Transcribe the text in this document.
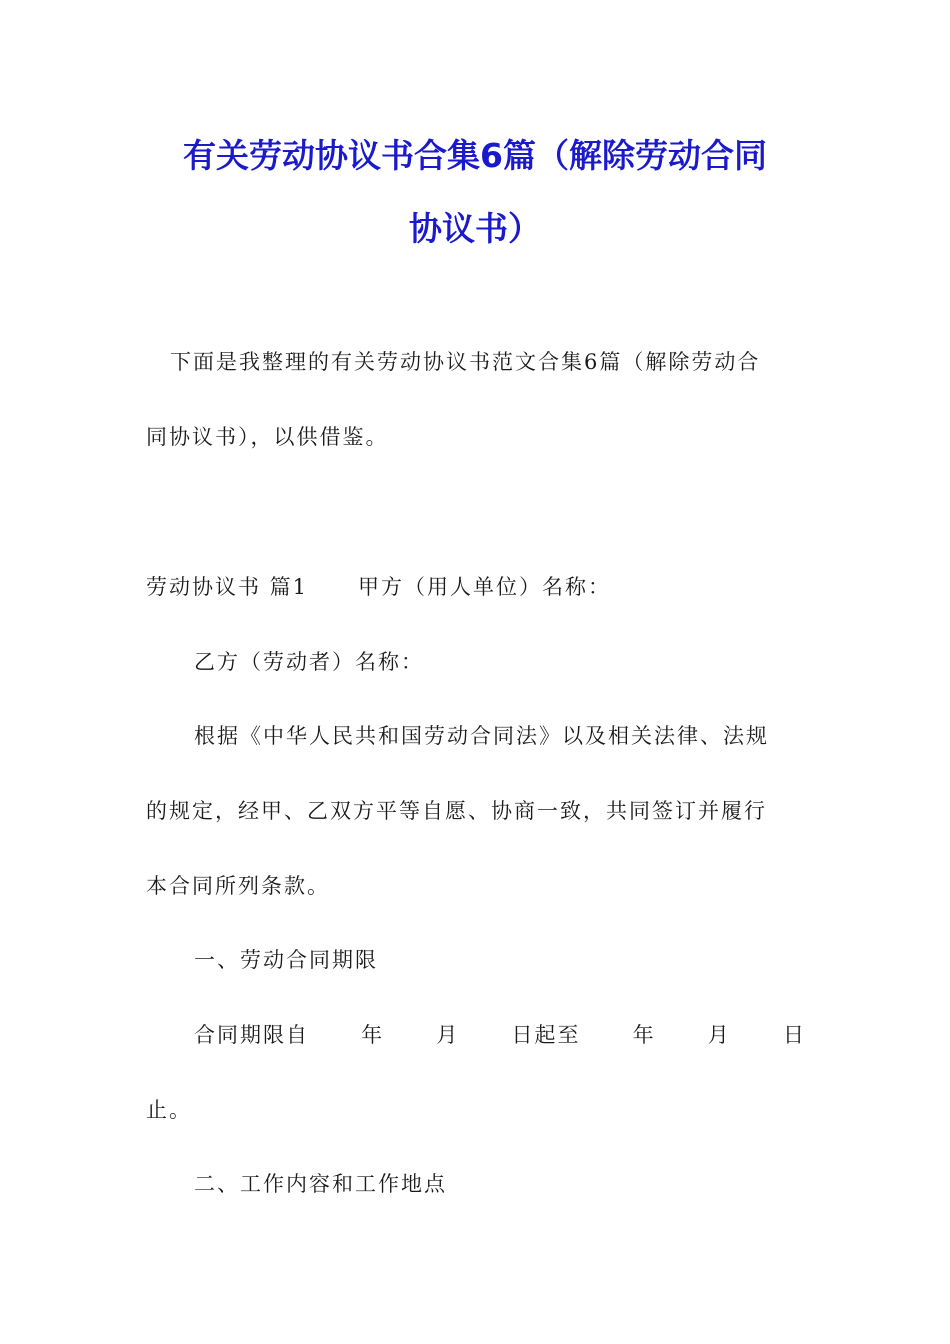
有关劳动协议书合集6篇（解除劳动合同
协议书）

下面是我整理的有关劳动协议书范文合集6篇（解除劳动合

同协议书），以供借鉴。

劳动协议书 篇1 甲方（用人单位）名称：

乙方（劳动者）名称：

根据《中华人民共和国劳动合同法》以及相关法律、法规

的规定，经甲、乙双方平等自愿、协商一致，共同签订并履行

本合同所列条款。

一、劳动合同期限

合同期限自 年 月 日起至 年 月 日

止。

二、工作内容和工作地点
